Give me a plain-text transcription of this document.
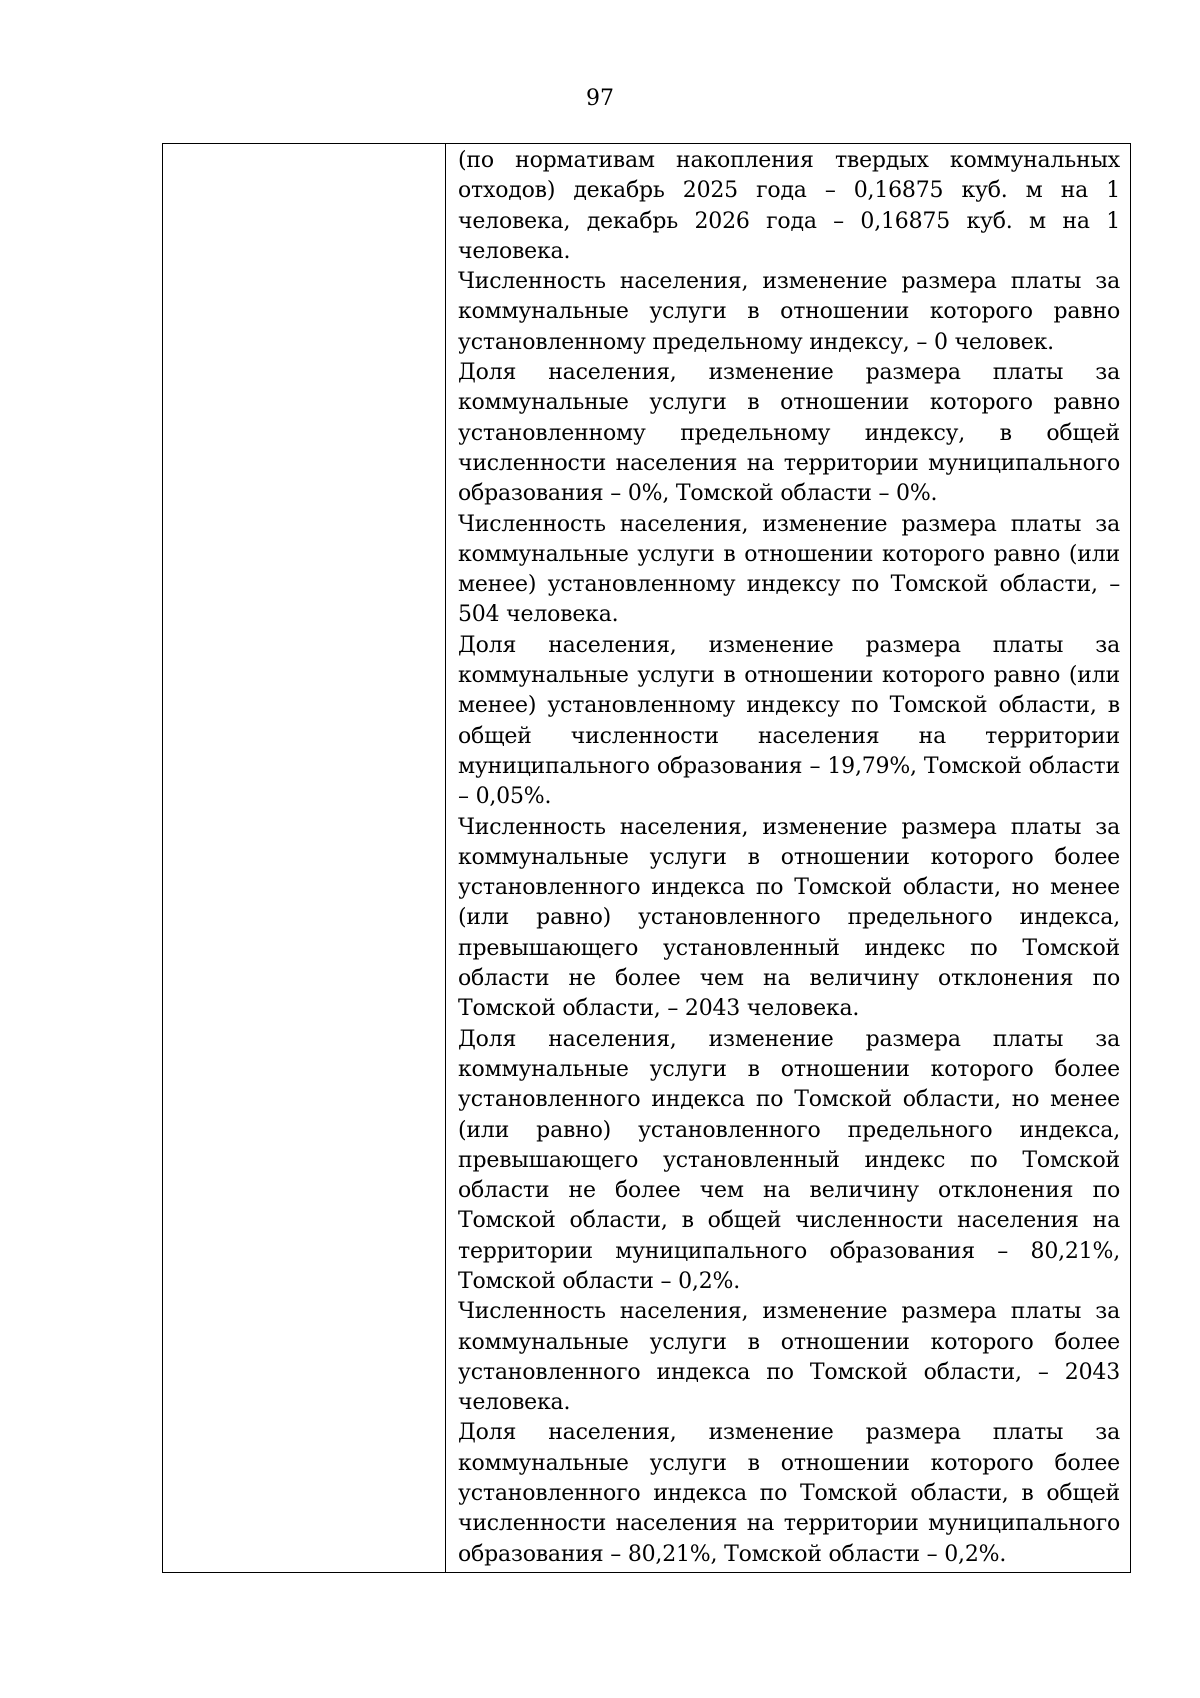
97

(по нормативам накопления твердых коммунальных отходов) декабрь 2025 года – 0,16875 куб. м на 1 человека, декабрь 2026 года – 0,16875 куб. м на 1 человека.

Численность населения, изменение размера платы за коммунальные услуги в отношении которого равно установленному предельному индексу, – 0 человек.

Доля населения, изменение размера платы за коммунальные услуги в отношении которого равно установленному предельному индексу, в общей численности населения на территории муниципального образования – 0%, Томской области – 0%.

Численность населения, изменение размера платы за коммунальные услуги в отношении которого равно (или менее) установленному индексу по Томской области, – 504 человека.

Доля населения, изменение размера платы за коммунальные услуги в отношении которого равно (или менее) установленному индексу по Томской области, в общей численности населения на территории муниципального образования – 19,79%, Томской области – 0,05%.

Численность населения, изменение размера платы за коммунальные услуги в отношении которого более установленного индекса по Томской области, но менее (или равно) установленного предельного индекса, превышающего установленный индекс по Томской области не более чем на величину отклонения по Томской области, – 2043 человека.

Доля населения, изменение размера платы за коммунальные услуги в отношении которого более установленного индекса по Томской области, но менее (или равно) установленного предельного индекса, превышающего установленный индекс по Томской области не более чем на величину отклонения по Томской области, в общей численности населения на территории муниципального образования – 80,21%, Томской области – 0,2%.

Численность населения, изменение размера платы за коммунальные услуги в отношении которого более установленного индекса по Томской области, – 2043 человека.

Доля населения, изменение размера платы за коммунальные услуги в отношении которого более установленного индекса по Томской области, в общей численности населения на территории муниципального образования – 80,21%, Томской области – 0,2%.
